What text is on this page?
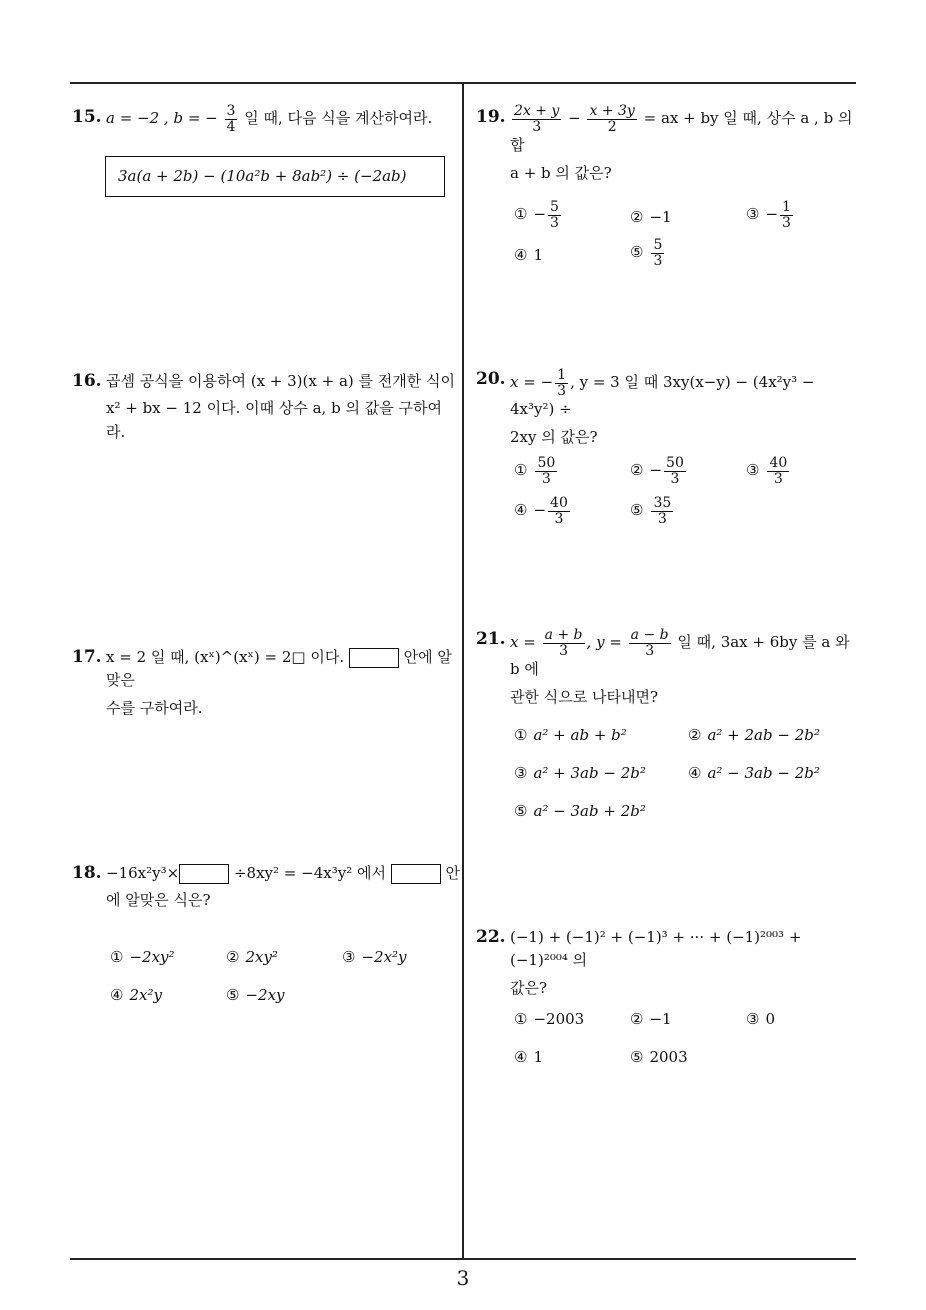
15. a = −2 , b = − $\frac{3}{4}$ 일 때, 다음 식을 계산하여라.
3a(a + 2b) − (10a²b + 8ab²) ÷ (−2ab)
16. 곱셈 공식을 이용하여 (x + 3)(x + a) 를 전개한 식이
x² + bx − 12 이다. 이때 상수 a, b 의 값을 구하여라.
17. x = 2 일 때, (xˣ)^(xˣ) = 2□ 이다.	안에 알맞은
수를 구하여라.
18. −16x²y³×	÷8xy² = −4x³y² 에서	안
에 알맞은 식은?
① −2xy²	② 2xy²	③ −2x²y
④ 2x²y	⑤ −2xy
19. $\frac{2x + y}{3} - \frac{x + 3y}{2}$ = ax + by 일 때, 상수 a , b 의 합
a + b 의 값은?
① − $\frac{5}{3}$	② −1	③ − $\frac{1}{3}$
④ 1	⑤ $\frac{5}{3}$
20. x = − $\frac{1}{3}$ , y = 3 일 때 3xy(x−y) − (4x²y³ − 4x³y²) ÷
2xy 의 값은?
① $\frac{50}{3}$	② − $\frac{50}{3}$	③ $\frac{40}{3}$
④ − $\frac{40}{3}$	⑤ $\frac{35}{3}$
21. $x = \frac{a + b}{3}$ , $y = \frac{a - b}{3}$ 일 때, 3ax + 6by 를 a 와 b 에
관한 식으로 나타내면?
① a² + ab + b²	② a² + 2ab − 2b²
③ a² + 3ab − 2b²	④ a² − 3ab − 2b²
⑤ a² − 3ab + 2b²
22. (−1) + (−1)² + (−1)³ + ··· + (−1)²⁰⁰³ + (−1)²⁰⁰⁴ 의
값은?
① −2003	② −1	③ 0
④ 1	⑤ 2003
3
